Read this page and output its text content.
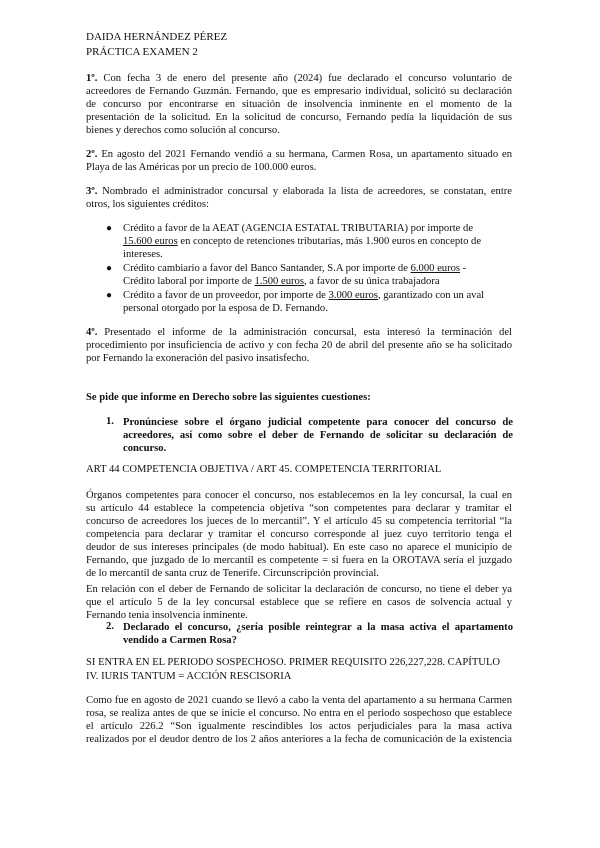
DAIDA HERNÁNDEZ PÉREZ
PRÁCTICA EXAMEN 2
1º. Con fecha 3 de enero del presente año (2024) fue declarado el concurso voluntario de
acreedores de Fernando Guzmán. Fernando, que es empresario individual, solicitó su declaración
de concurso por encontrarse en situación de insolvencia inminente en el momento de la
presentación de la solicitud. En la solicitud de concurso, Fernando pedía la liquidación de sus
bienes y derechos como solución al concurso.
2º. En agosto del 2021 Fernando vendió a su hermana, Carmen Rosa, un apartamento situado en
Playa de las Américas por un precio de 100.000 euros.
3º. Nombrado el administrador concursal y elaborada la lista de acreedores, se constatan, entre
otros, los siguientes créditos:
● Crédito a favor de la AEAT (AGENCIA ESTATAL TRIBUTARIA) por importe de
15.600 euros en concepto de retenciones tributarias, más 1.900 euros en concepto de
intereses.
● Crédito cambiario a favor del Banco Santander, S.A por importe de 6.000 euros -
Crédito laboral por importe de 1.500 euros, a favor de su única trabajadora
● Crédito a favor de un proveedor, por importe de 3.000 euros, garantizado con un aval
personal otorgado por la esposa de D. Fernando.
4º. Presentado el informe de la administración concursal, esta interesó la terminación del
procedimiento por insuficiencia de activo y con fecha 20 de abril del presente año se ha solicitado
por Fernando la exoneración del pasivo insatisfecho.
Se pide que informe en Derecho sobre las siguientes cuestiones:
1. Pronúnciese sobre el órgano judicial competente para conocer del concurso de
acreedores, así como sobre el deber de Fernando de solicitar su declaración de
concurso.
ART 44 COMPETENCIA OBJETIVA / ART 45. COMPETENCIA TERRITORIAL
Órganos competentes para conocer el concurso, nos establecemos en la ley concursal, la cual en
su artículo 44 establece la competencia objetiva “son competentes para declarar y tramitar el
concurso de acreedores los jueces de lo mercantil”. Y el artículo 45 su competencia territorial “la
competencia para declarar y tramitar el concurso corresponde al juez cuyo territorio tenga el
deudor de sus intereses principales (de modo habitual). En este caso no aparece el municipio de
Fernando, que juzgado de lo mercantil es competente = si fuera en la OROTAVA sería el juzgado
de lo mercantil de santa cruz de Tenerife. Circunscripción provincial.
En relación con el deber de Fernando de solicitar la declaración de concurso, no tiene el deber ya
que el artículo 5 de la ley concursal establece que se refiere en casos de solvencia actual y
Fernando tenia insolvencia inminente.
2. Declarado el concurso, ¿sería posible reintegrar a la masa activa el apartamento
vendido a Carmen Rosa?
SI ENTRA EN EL PERIODO SOSPECHOSO. PRIMER REQUISITO 226,227,228. CAPÍTULO
IV. IURIS TANTUM = ACCIÓN RESCISORIA
Como fue en agosto de 2021 cuando se llevó a cabo la venta del apartamento a su hermana Carmen
rosa, se realiza antes de que se inicie el concurso. No entra en el periodo sospechoso que establece
el artículo 226.2 “Son igualmente rescindibles los actos perjudiciales para la masa activa
realizados por el deudor dentro de los 2 años anteriores a la fecha de comunicación de la existencia
